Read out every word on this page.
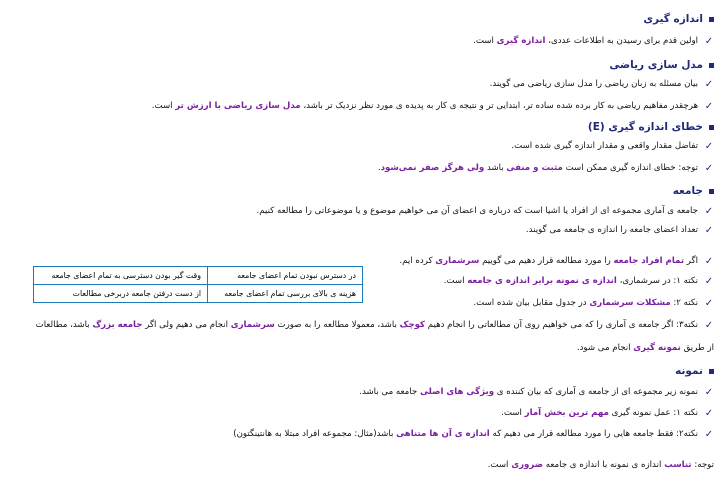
اندازه گیری
✓
اولین قدم برای رسیدن به اطلاعات عددی، اندازه گیری است.
مدل سازی ریاضی
✓
بیان مسئله به زبان ریاضی را مدل سازی ریاضی می گویند.
✓
هرچقدر مفاهیم ریاضی به کار برده شده ساده تر، ابتدایی تر و نتیجه ی کار به پدیده ی مورد نظر نزدیک تر باشد، مدل سازی ریاضی با ارزش تر است.
خطای اندازه گیری (E)
✓
تفاضل مقدار واقعی و مقدار اندازه گیری شده است.
✓
توجه: خطای اندازه گیری ممکن است مثبت و منفی باشد ولی هرگز صفر نمی‌شود.
جامعه
✓
جامعه ی آماری مجموعه ای از افراد یا اشیا است که درباره ی اعضای آن می خواهیم موضوع و یا موضوعاتی را مطالعه کنیم.
✓
تعداد اعضای جامعه را اندازه ی جامعه می گویند.
✓
اگر تمام افراد جامعه را مورد مطالعه قرار دهیم می گوییم سرشماری کرده ایم.
✓
نکته ۱: در سرشماری، اندازه ی نمونه برابر اندازه ی جامعه است.
✓
نکته ۲: مشکلات سرشماری در جدول مقابل بیان شده است.
در دسترس نبودن تمام اعضای جامعه	وقت گیر بودن دسترسی به تمام اعضای جامعه
هزینه ی بالای بررسی تمام اعضای جامعه	از دست درفتن جامعه دربرخی مطالعات
✓
نکته۳: اگر جامعه ی آماری را که می خواهیم روی آن مطالعاتی را انجام دهیم کوچک باشد، معمولا مطالعه را به صورت سرشماری انجام می دهیم ولی اگر جامعه بزرگ باشد، مطالعات
از طریق نمونه گیری انجام می شود.
نمونه
✓
نمونه زیر مجموعه ای از جامعه ی آماری که بیان کننده ی ویژگی های اصلی جامعه می باشد.
✓
نکته ۱: عمل نمونه گیری مهم ترین بخش آمار است.
✓
نکته۲: فقط جامعه هایی را مورد مطالعه قرار می دهیم که اندازه ی آن ها متناهی باشد(مثال: مجموعه افراد مبتلا به هانتینگتون)
توجه: تناسب اندازه ی نمونه با اندازه ی جامعه ضروری است.
